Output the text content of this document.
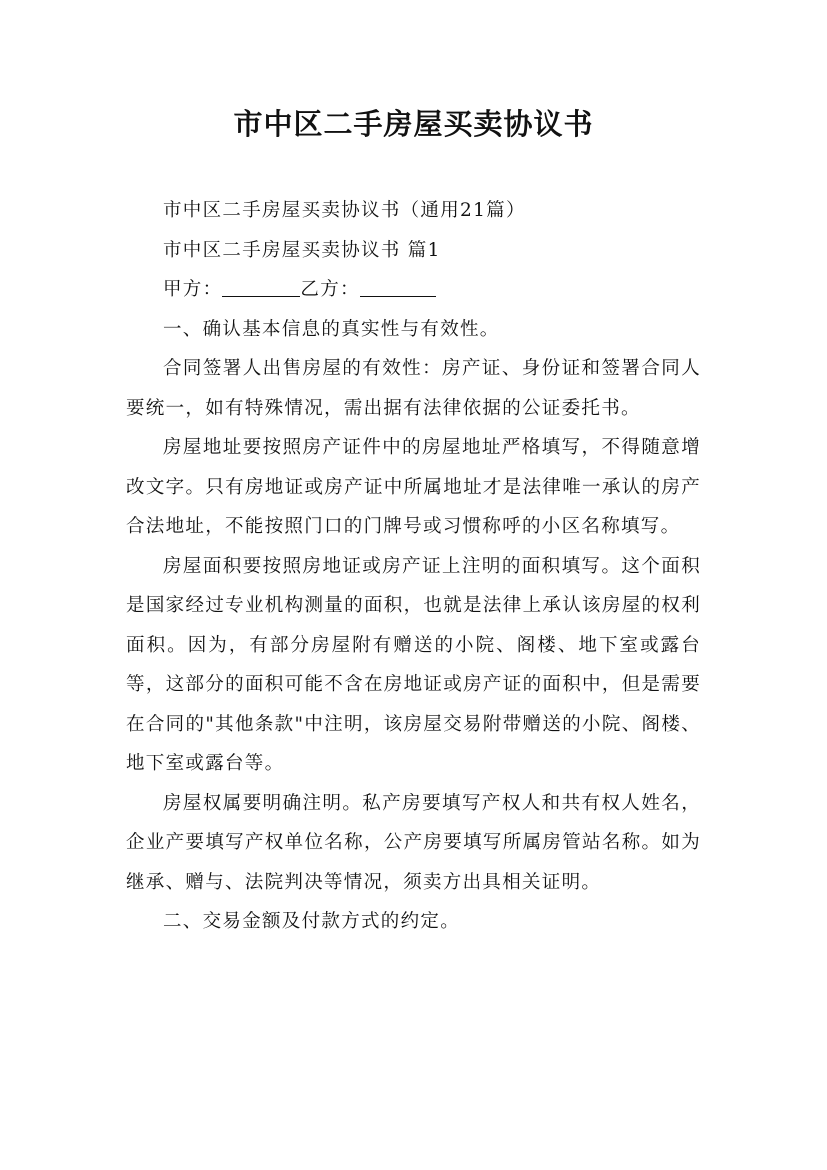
市中区二手房屋买卖协议书

市中区二手房屋买卖协议书（通用21篇）

市中区二手房屋买卖协议书 篇1

甲方：	乙方：

一、确认基本信息的真实性与有效性。

合同签署人出售房屋的有效性：房产证、身份证和签署合同人要统一，如有特殊情况，需出据有法律依据的公证委托书。

房屋地址要按照房产证件中的房屋地址严格填写，不得随意增改文字。只有房地证或房产证中所属地址才是法律唯一承认的房产合法地址，不能按照门口的门牌号或习惯称呼的小区名称填写。

房屋面积要按照房地证或房产证上注明的面积填写。这个面积是国家经过专业机构测量的面积，也就是法律上承认该房屋的权利面积。因为，有部分房屋附有赠送的小院、阁楼、地下室或露台等，这部分的面积可能不含在房地证或房产证的面积中，但是需要在合同的"其他条款"中注明，该房屋交易附带赠送的小院、阁楼、地下室或露台等。

房屋权属要明确注明。私产房要填写产权人和共有权人姓名，企业产要填写产权单位名称，公产房要填写所属房管站名称。如为继承、赠与、法院判决等情况，须卖方出具相关证明。

二、交易金额及付款方式的约定。
